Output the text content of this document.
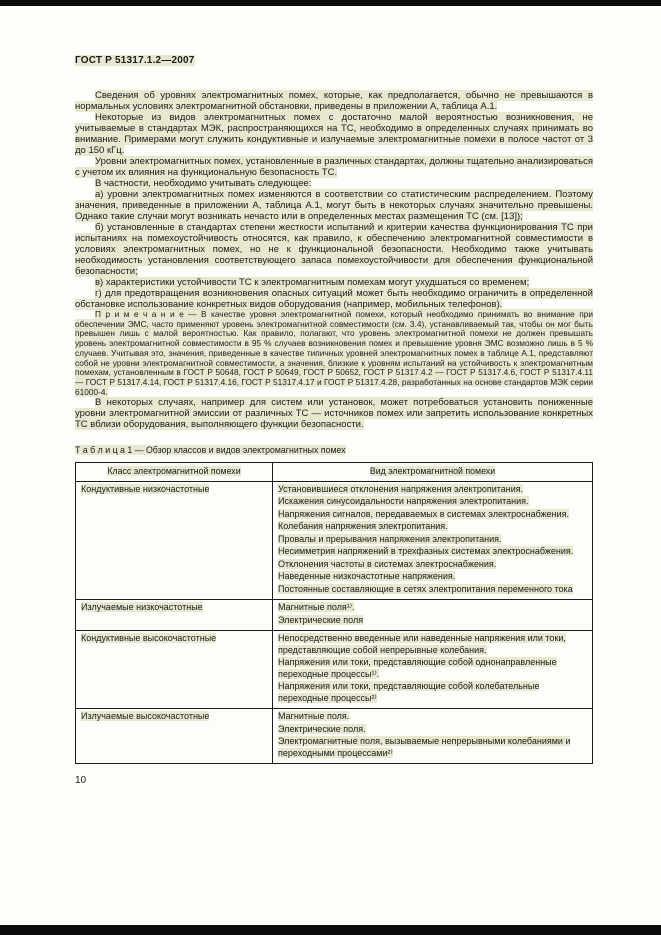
ГОСТ Р 51317.1.2—2007

Сведения об уровнях электромагнитных помех, которые, как предполагается, обычно не превышаются в нормальных условиях электромагнитной обстановки, приведены в приложении А, таблица А.1.

Некоторые из видов электромагнитных помех с достаточно малой вероятностью возникновения, не учитываемые в стандартах МЭК, распространяющихся на ТС, необходимо в определенных случаях принимать во внимание. Примерами могут служить кондуктивные и излучаемые электромагнитные помехи в полосе частот от 3 до 150 кГц.

Уровни электромагнитных помех, установленные в различных стандартах, должны тщательно анализироваться с учетом их влияния на функциональную безопасность ТС.

В частности, необходимо учитывать следующее:

а) уровни электромагнитных помех изменяются в соответствии со статистическим распределением. Поэтому значения, приведенные в приложении А, таблица А.1, могут быть в некоторых случаях значительно превышены. Однако такие случаи могут возникать нечасто или в определенных местах размещения ТС (см. [13]);

б) установленные в стандартах степени жесткости испытаний и критерии качества функционирования ТС при испытаниях на помехоустойчивость относятся, как правило, к обеспечению электромагнитной совместимости в условиях электромагнитных помех, но не к функциональной безопасности. Необходимо также учитывать необходимость установления соответствующего запаса помехоустойчивости для обеспечения функциональной безопасности;

в) характеристики устойчивости ТС к электромагнитным помехам могут ухудшаться со временем;

г) для предотвращения возникновения опасных ситуаций может быть необходимо ограничить в определенной обстановке использование конкретных видов оборудования (например, мобильных телефонов).

П р и м е ч а н и е — В качестве уровня электромагнитной помехи, который необходимо принимать во внимание при обеспечении ЭМС, часто применяют уровень электромагнитной совместимости (см. 3.4), устанавливаемый так, чтобы он мог быть превышен лишь с малой вероятностью. Как правило, полагают, что уровень электромагнитной помехи не должен превышать уровень электромагнитной совместимости в 95 % случаев возникновения помех и превышение уровня ЭМС возможно лишь в 5 % случаев. Учитывая это, значения, приведенные в качестве типичных уровней электромагнитных помех в таблице А.1, представляют собой не уровни электромагнитной совместимости, а значения, близкие к уровням испытаний на устойчивость к электромагнитным помехам, установленным в ГОСТ Р 50648, ГОСТ Р 50649, ГОСТ Р 50652, ГОСТ Р 51317.4.2 — ГОСТ Р 51317.4.6, ГОСТ Р 51317.4.11 — ГОСТ Р 51317.4.14, ГОСТ Р 51317.4.16, ГОСТ Р 51317.4.17 и ГОСТ Р 51317.4.28, разработанных на основе стандартов МЭК серии 61000-4.

В некоторых случаях, например для систем или установок, может потребоваться установить пониженные уровни электромагнитной эмиссии от различных ТС — источников помех или запретить использование конкретных ТС вблизи оборудования, выполняющего функции безопасности.

Т а б л и ц а 1 — Обзор классов и видов электромагнитных помех
Класс электромагнитной помехи	Вид электромагнитной помехи
Кондуктивные низкочастотные	Установившиеся отклонения напряжения электропитания.
Искажения синусоидальности напряжения электропитания.
Напряжения сигналов, передаваемых в системах электроснабжения.
Колебания напряжения электропитания.
Провалы и прерывания напряжения электропитания.
Несимметрия напряжений в трехфазных системах электроснабжения.
Отклонения частоты в системах электроснабжения.
Наведенные низкочастотные напряжения.
Постоянные составляющие в сетях электропитания переменного тока

Излучаемые низкочастотные	Магнитные поля¹⁾.
Электрические поля

Кондуктивные высокочастотные	Непосредственно введенные или наведенные напряжения или токи, представляющие собой непрерывные колебания.
Напряжения или токи, представляющие собой однонаправленные переходные процессы¹⁾.
Напряжения или токи, представляющие собой колебательные переходные процессы²⁾

Излучаемые высокочастотные	Магнитные поля.
Электрические поля.
Электромагнитные поля, вызываемые непрерывными колебаниями и переходными процессами²⁾
10
